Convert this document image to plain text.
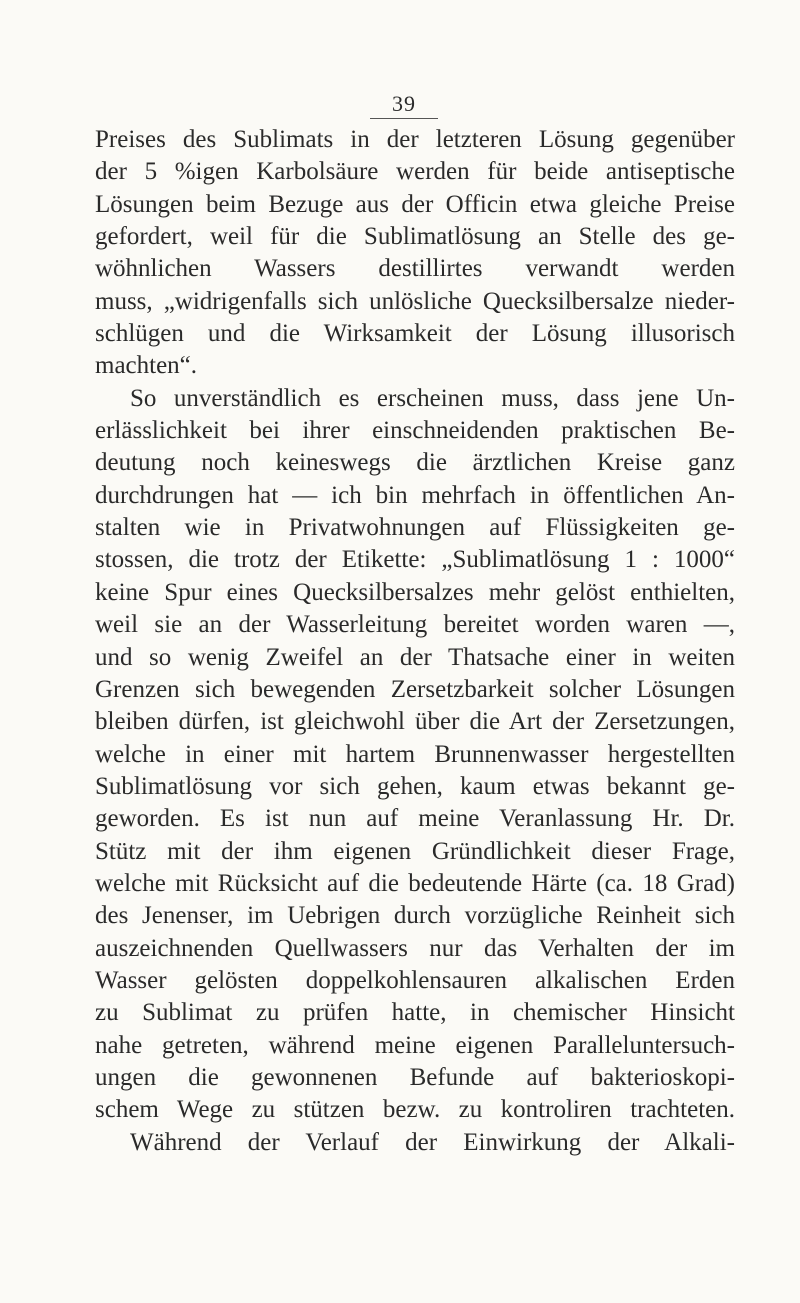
39
Preises des Sublimats in der letzteren Lösung gegenüber
der 5 %igen Karbolsäure werden für beide antiseptische
Lösungen beim Bezuge aus der Officin etwa gleiche Preise
gefordert, weil für die Sublimatlösung an Stelle des ge-
wöhnlichen Wassers destillirtes verwandt werden
muss, „widrigenfalls sich unlösliche Quecksilbersalze nieder-
schlügen und die Wirksamkeit der Lösung illusorisch
machten“.
So unverständlich es erscheinen muss, dass jene Un-
erlässlichkeit bei ihrer einschneidenden praktischen Be-
deutung noch keineswegs die ärztlichen Kreise ganz
durchdrungen hat — ich bin mehrfach in öffentlichen An-
stalten wie in Privatwohnungen auf Flüssigkeiten ge-
stossen, die trotz der Etikette: „Sublimatlösung 1 : 1000“
keine Spur eines Quecksilbersalzes mehr gelöst enthielten,
weil sie an der Wasserleitung bereitet worden waren —,
und so wenig Zweifel an der Thatsache einer in weiten
Grenzen sich bewegenden Zersetzbarkeit solcher Lösungen
bleiben dürfen, ist gleichwohl über die Art der Zersetzungen,
welche in einer mit hartem Brunnenwasser hergestellten
Sublimatlösung vor sich gehen, kaum etwas bekannt ge-
geworden. Es ist nun auf meine Veranlassung Hr. Dr.
Stütz mit der ihm eigenen Gründlichkeit dieser Frage,
welche mit Rücksicht auf die bedeutende Härte (ca. 18 Grad)
des Jenenser, im Uebrigen durch vorzügliche Reinheit sich
auszeichnenden Quellwassers nur das Verhalten der im
Wasser gelösten doppelkohlensauren alkalischen Erden
zu Sublimat zu prüfen hatte, in chemischer Hinsicht
nahe getreten, während meine eigenen Paralleluntersuch-
ungen die gewonnenen Befunde auf bakterioskopi-
schem Wege zu stützen bezw. zu kontroliren trachteten.
Während der Verlauf der Einwirkung der Alkali-
